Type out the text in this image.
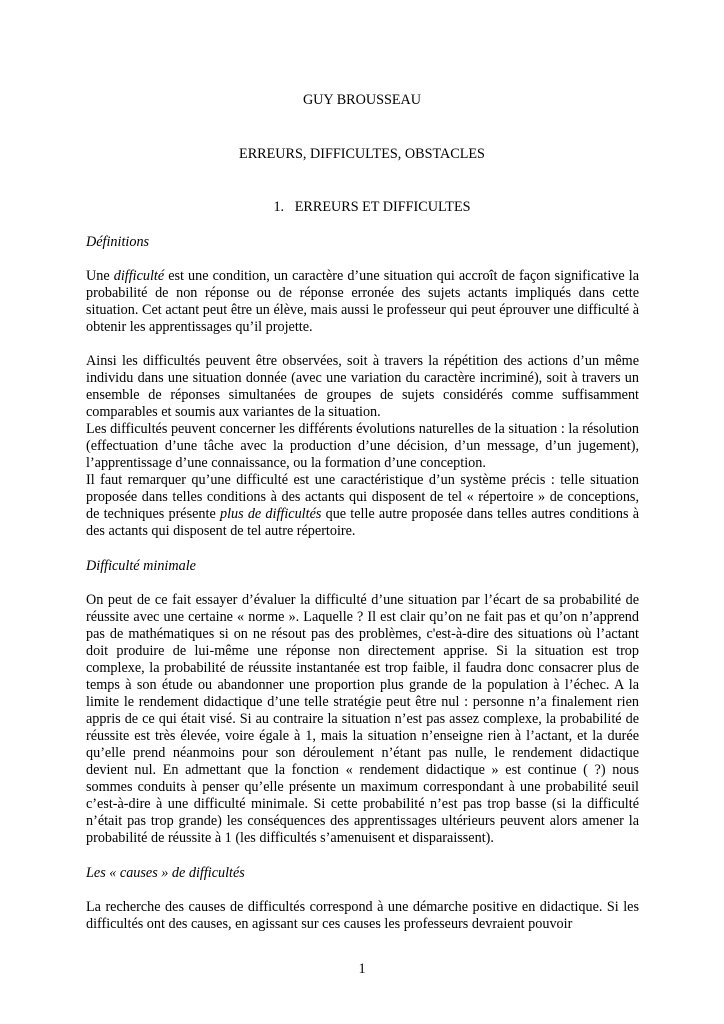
GUY BROUSSEAU
ERREURS, DIFFICULTES, OBSTACLES
1. ERREURS ET DIFFICULTES
Définitions

Une difficulté est une condition, un caractère d’une situation qui accroît de façon significative la probabilité de non réponse ou de réponse erronée des sujets actants impliqués dans cette situation. Cet actant peut être un élève, mais aussi le professeur qui peut éprouver une difficulté à obtenir les apprentissages qu’il projette.

Ainsi les difficultés peuvent être observées, soit à travers la répétition des actions d’un même individu dans une situation donnée (avec une variation du caractère incriminé), soit à travers un ensemble de réponses simultanées de groupes de sujets considérés comme suffisamment comparables et soumis aux variantes de la situation.

Les difficultés peuvent concerner les différents évolutions naturelles de la situation : la résolution (effectuation d’une tâche avec la production d’une décision, d’un message, d’un jugement), l’apprentissage d’une connaissance, ou la formation d’une conception.

Il faut remarquer qu’une difficulté est une caractéristique d’un système précis : telle situation proposée dans telles conditions à des actants qui disposent de tel « répertoire » de conceptions, de techniques présente plus de difficultés que telle autre proposée dans telles autres conditions à des actants qui disposent de tel autre répertoire.

Difficulté minimale

On peut de ce fait essayer d’évaluer la difficulté d’une situation par l’écart de sa probabilité de réussite avec une certaine « norme ». Laquelle ? Il est clair qu’on ne fait pas et qu’on n’apprend pas de mathématiques si on ne résout pas des problèmes, c'est-à-dire des situations où l’actant doit produire de lui-même une réponse non directement apprise. Si la situation est trop complexe, la probabilité de réussite instantanée est trop faible, il faudra donc consacrer plus de temps à son étude ou abandonner une proportion plus grande de la population à l’échec. A la limite le rendement didactique d’une telle stratégie peut être nul : personne n’a finalement rien appris de ce qui était visé. Si au contraire la situation n’est pas assez complexe, la probabilité de réussite est très élevée, voire égale à 1, mais la situation n’enseigne rien à l’actant, et la durée qu’elle prend néanmoins pour son déroulement n’étant pas nulle, le rendement didactique devient nul. En admettant que la fonction « rendement didactique » est continue ( ?) nous sommes conduits à penser qu’elle présente un maximum correspondant à une probabilité seuil c’est-à-dire à une difficulté minimale. Si cette probabilité n’est pas trop basse (si la difficulté n’était pas trop grande) les conséquences des apprentissages ultérieurs peuvent alors amener la probabilité de réussite à 1 (les difficultés s’amenuisent et disparaissent).

Les « causes » de difficultés

La recherche des causes de difficultés correspond à une démarche positive en didactique. Si les difficultés ont des causes, en agissant sur ces causes les professeurs devraient pouvoir

1
